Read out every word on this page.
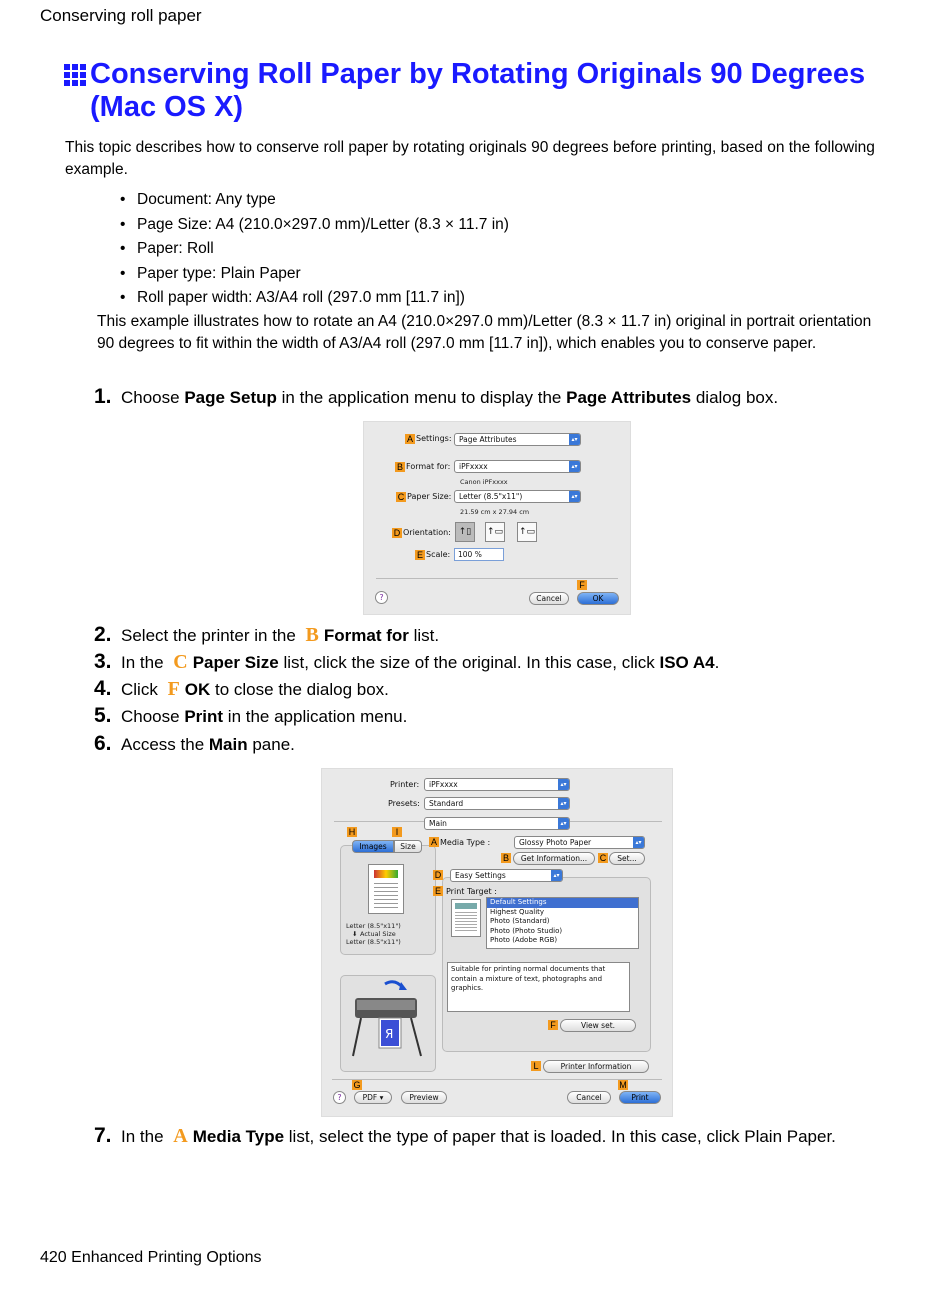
Conserving roll paper
Conserving Roll Paper by Rotating Originals 90 Degrees (Mac OS X)
This topic describes how to conserve roll paper by rotating originals 90 degrees before printing, based on the following example.
• Document: Any type
• Page Size: A4 (210.0×297.0 mm)/Letter (8.3 × 11.7 in)
• Paper: Roll
• Paper type: Plain Paper
• Roll paper width: A3/A4 roll (297.0 mm [11.7 in])
This example illustrates how to rotate an A4 (210.0×297.0 mm)/Letter (8.3 × 11.7 in) original in portrait orientation 90 degrees to fit within the width of A3/A4 roll (297.0 mm [11.7 in]), which enables you to conserve paper.
1. Choose Page Setup in the application menu to display the Page Attributes dialog box.
A Settings: Page Attributes	▴▾
B Format for:	iPFxxxx	▴▾
Canon iPFxxxx
C Paper Size:	Letter (8.5"x11")	▴▾
21.59 cm x 27.94 cm
D Orientation: ↑▯	↑▭ ↑▭
E Scale:	100 %
F
?	Cancel	OK
2. Select the printer in the B Format for list.
3. In the C Paper Size list, click the size of the original. In this case, click ISO A4.
4. Click F OK to close the dialog box.
5. Choose Print in the application menu.
6. Access the Main pane.
Printer:	iPFxxxx	▴▾
Presets:	Standard	▴▾
Main	▴▾
H	I
Images	Size
Letter (8.5"x11")
⬇ Actual Size
Letter (8.5"x11")
Я
A Media Type :	Glossy Photo Paper	▴▾
B	Get Information...	C	Set...
D	Easy Settings	▴▾
E Print Target :
Default Settings
Highest Quality
Photo (Standard)
Photo (Photo Studio)
Photo (Adobe RGB)
Suitable for printing normal documents that contain a mixture of text, photographs and graphics.
F	View set.
L	Printer Information
G	M
?	PDF ▾	Preview	Cancel	Print
7. In the A Media Type list, select the type of paper that is loaded. In this case, click Plain Paper.
420 Enhanced Printing Options
